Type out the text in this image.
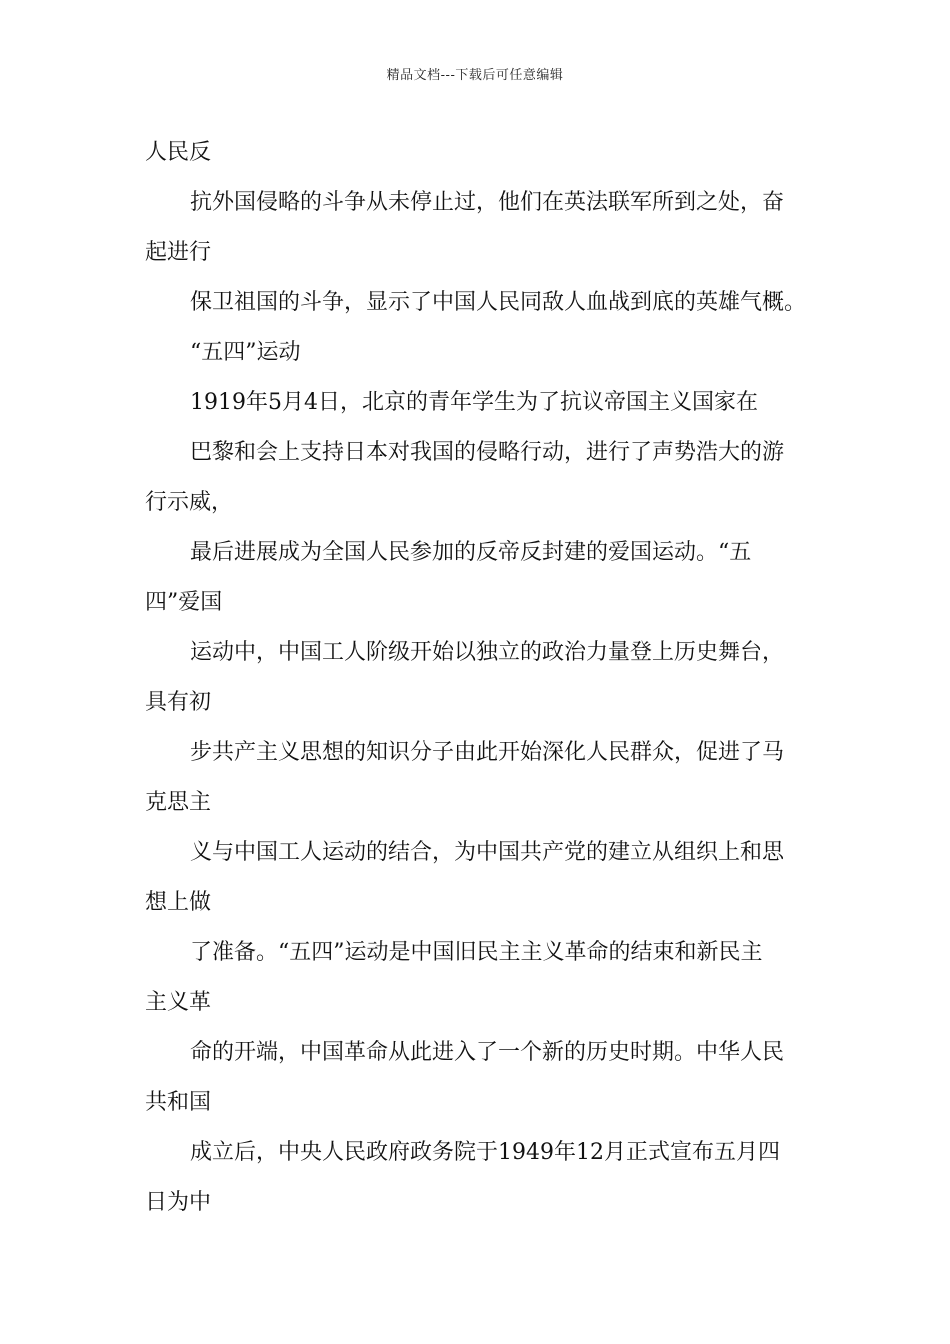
精品文档---下载后可任意编辑
人民反
抗外国侵略的斗争从未停止过，他们在英法联军所到之处，奋
起进行
保卫祖国的斗争，显示了中国人民同敌人血战到底的英雄气概。
“五四”运动
1919年5月4日，北京的青年学生为了抗议帝国主义国家在
巴黎和会上支持日本对我国的侵略行动，进行了声势浩大的游
行示威，
最后进展成为全国人民参加的反帝反封建的爱国运动。“五
四”爱国
运动中，中国工人阶级开始以独立的政治力量登上历史舞台，
具有初
步共产主义思想的知识分子由此开始深化人民群众，促进了马
克思主
义与中国工人运动的结合，为中国共产党的建立从组织上和思
想上做
了准备。“五四”运动是中国旧民主主义革命的结束和新民主
主义革
命的开端，中国革命从此进入了一个新的历史时期。中华人民
共和国
成立后，中央人民政府政务院于1949年12月正式宣布五月四
日为中
